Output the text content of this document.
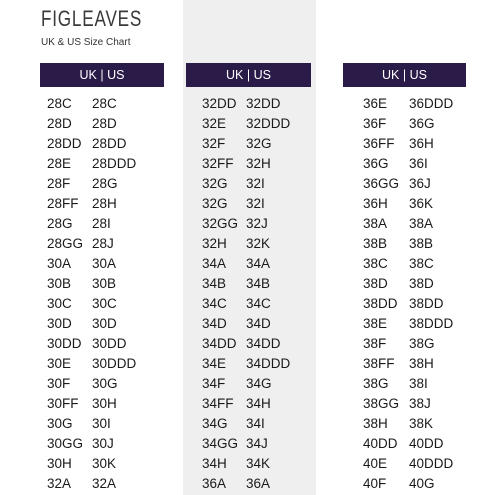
FIGLEAVES
UK & US Size Chart
UK | US
28C	28C
28D	28D
28DD 28DD
28E	28DDD
28F	28G
28FF 28H
28G	28I
28GG 28J
30A	30A
30B	30B
30C	30C
30D	30D
30DD 30DD
30E	30DDD
30F	30G
30FF 30H
30G	30I
30GG 30J
30H	30K
32A	32A
UK | US
32DD 32DD
32E	32DDD
32F	32G
32FF 32H
32G	32I
32G	32I
32GG 32J
32H	32K
34A	34A
34B	34B
34C	34C
34D	34D
34DD 34DD
34E	34DDD
34F	34G
34FF 34H
34G	34I
34GG 34J
34H	34K
36A	36A
UK | US
36E	36DDD
36F	36G
36FF	36H
36G	36I
36GG 36J
36H	36K
38A	38A
38B	38B
38C	38C
38D	38D
38DD 38DD
38E	38DDD
38F	38G
38FF	38H
38G	38I
38GG 38J
38H	38K
40DD 40DD
40E	40DDD
40F	40G
